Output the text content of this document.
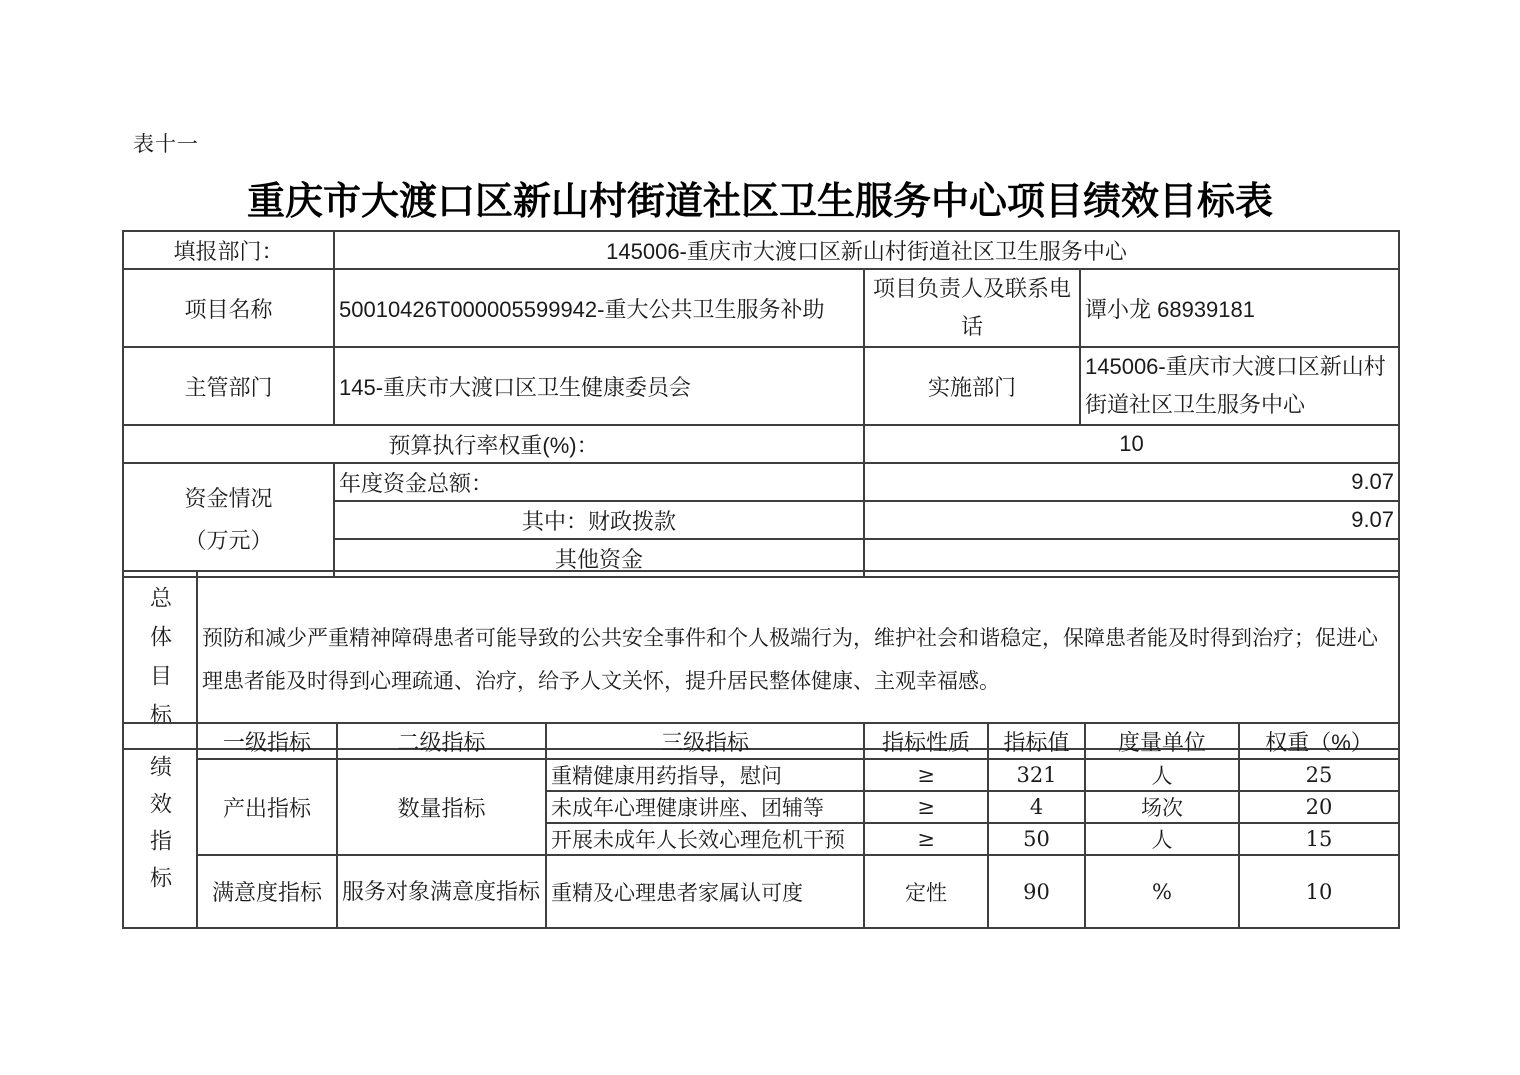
表十一
重庆市大渡口区新山村街道社区卫生服务中心项目绩效目标表
填报部门：	145006-重庆市大渡口区新山村街道社区卫生服务中心		
项目名称	50010426T000005599942-重大公共卫生服务补助	项目负责人及联系电话	谭小龙 68939181
主管部门	145-重庆市大渡口区卫生健康委员会	实施部门	145006-重庆市大渡口区新山村街道社区卫生服务中心
预算执行率权重(%)：		10	

资金情况
（万元）	年度资金总额：	9.07	
	其中：财政拨款	9.07	
	其他资金		
总体目标	预防和减少严重精神障碍患者可能导致的公共安全事件和个人极端行为，维护社会和谐稳定，保障患者能及时得到治疗；促进心理患者能及时得到心理疏通、治疗，给予人文关怀，提升居民整体健康、主观幸福感。
绩效指标	一级指标	二级指标	三级指标	指标性质	指标值	度量单位	权重（%）
	产出指标	数量指标	重精健康用药指导，慰问	≥	321	人	25
			未成年心理健康讲座、团辅等	≥	4	场次	20
			开展未成年人长效心理危机干预	≥	50	人	15
	满意度指标	服务对象满意度指标	重精及心理患者家属认可度	定性	90	%	10
